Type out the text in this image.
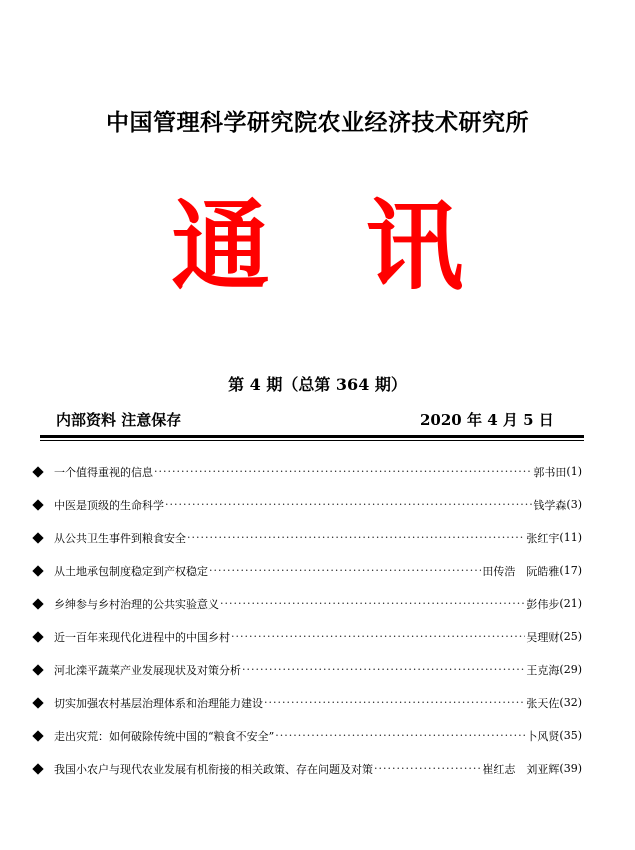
中国管理科学研究院农业经济技术研究所
通 讯
第 4 期（总第 364 期）
内部资料 注意保存	2020 年 4 月 5 日
一个值得重视的信息 ·····	郭书田 (1)
中医是顶级的生命科学 ·····	钱学森 (3)
从公共卫生事件到粮食安全 ·····	张红宇 (11)
从土地承包制度稳定到产权稳定 ·····	田传浩　阮皓雅 (17)
乡绅参与乡村治理的公共实验意义 ·····	彭伟步 (21)
近一百年来现代化进程中的中国乡村 ·····	吴理财 (25)
河北滦平蔬菜产业发展现状及对策分析 ·····	王克海 (29)
切实加强农村基层治理体系和治理能力建设 ·····	张天佐 (32)
走出灾荒：如何破除传统中国的“粮食不安全” ·····	卜风贤 (35)
我国小农户与现代农业发展有机衔接的相关政策、存在问题及对策 ·····	崔红志　刘亚辉 (39)
